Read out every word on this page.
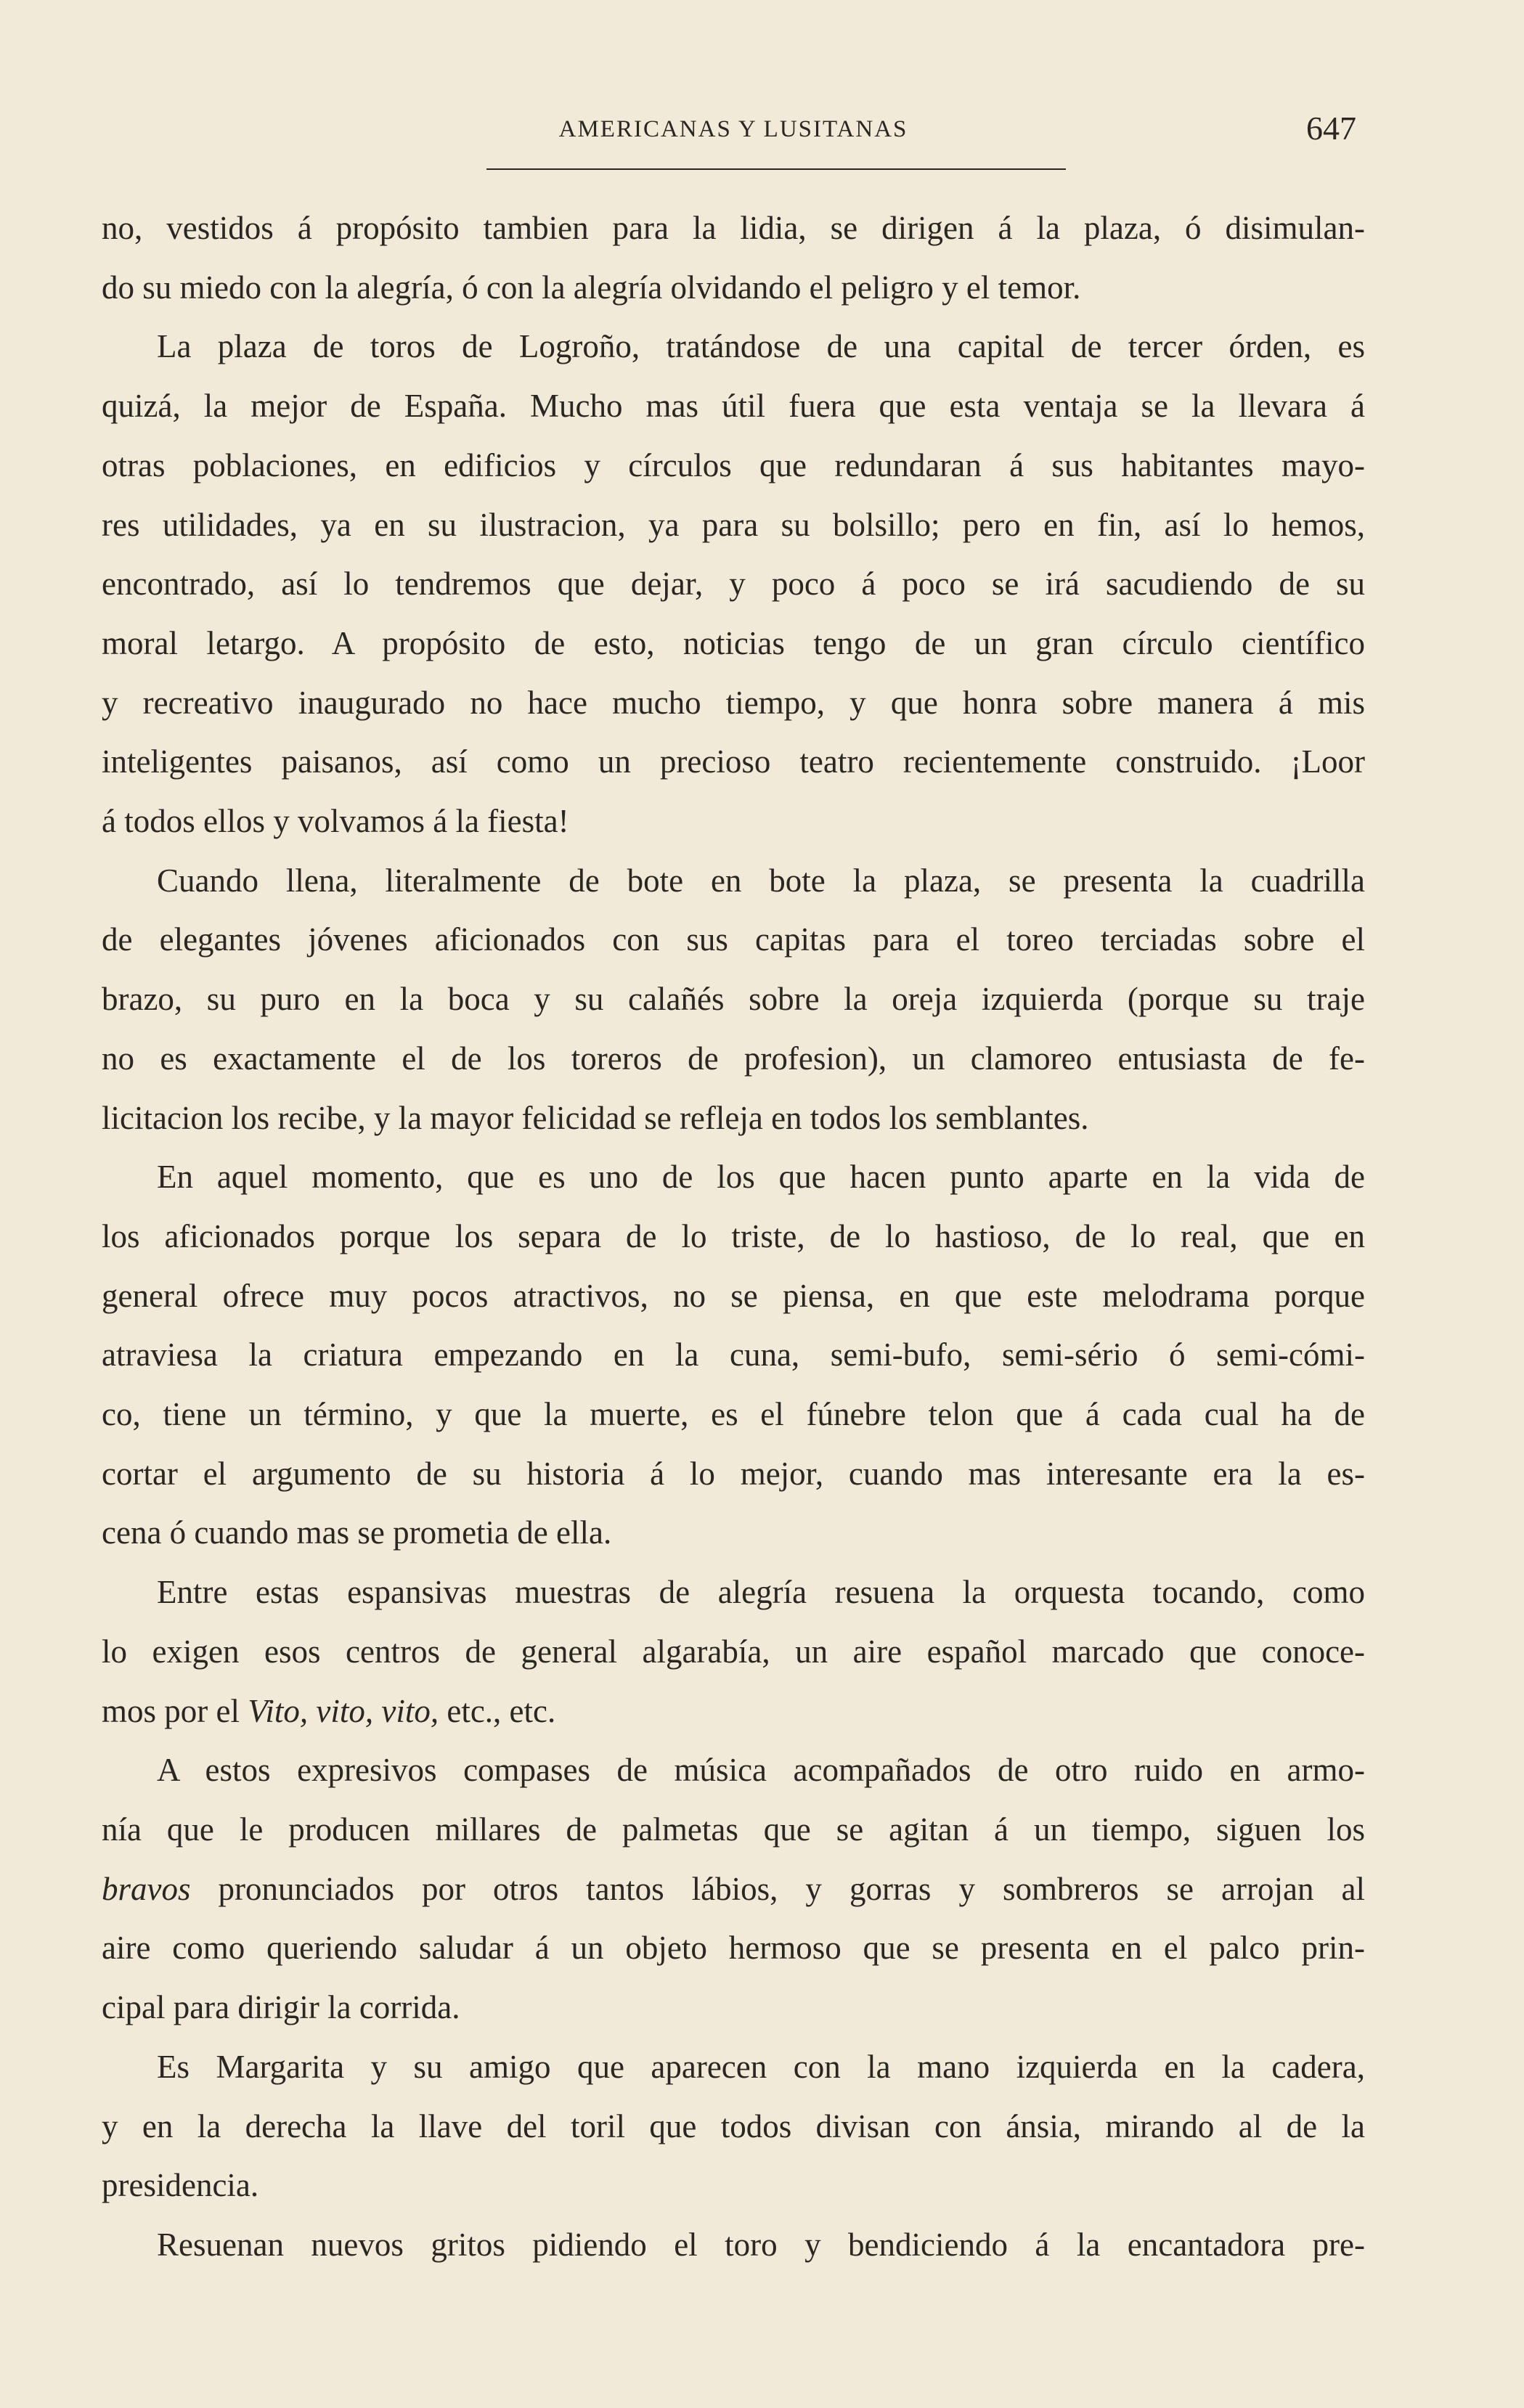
AMERICANAS Y LUSITANAS	647
no, vestidos á propósito tambien para la lidia, se dirigen á la plaza, ó disimulan-
do su miedo con la alegría, ó con la alegría olvidando el peligro y el temor.
La plaza de toros de Logroño, tratándose de una capital de tercer órden, es
quizá, la mejor de España. Mucho mas útil fuera que esta ventaja se la llevara á
otras poblaciones, en edificios y círculos que redundaran á sus habitantes mayo-
res utilidades, ya en su ilustracion, ya para su bolsillo; pero en fin, así lo hemos,
encontrado, así lo tendremos que dejar, y poco á poco se irá sacudiendo de su
moral letargo. A propósito de esto, noticias tengo de un gran círculo científico
y recreativo inaugurado no hace mucho tiempo, y que honra sobre manera á mis
inteligentes paisanos, así como un precioso teatro recientemente construido. ¡Loor
á todos ellos y volvamos á la fiesta!
Cuando llena, literalmente de bote en bote la plaza, se presenta la cuadrilla
de elegantes jóvenes aficionados con sus capitas para el toreo terciadas sobre el
brazo, su puro en la boca y su calañés sobre la oreja izquierda (porque su traje
no es exactamente el de los toreros de profesion), un clamoreo entusiasta de fe-
licitacion los recibe, y la mayor felicidad se refleja en todos los semblantes.
En aquel momento, que es uno de los que hacen punto aparte en la vida de
los aficionados porque los separa de lo triste, de lo hastioso, de lo real, que en
general ofrece muy pocos atractivos, no se piensa, en que este melodrama porque
atraviesa la criatura empezando en la cuna, semi-bufo, semi-sério ó semi-cómi-
co, tiene un término, y que la muerte, es el fúnebre telon que á cada cual ha de
cortar el argumento de su historia á lo mejor, cuando mas interesante era la es-
cena ó cuando mas se prometia de ella.
Entre estas espansivas muestras de alegría resuena la orquesta tocando, como
lo exigen esos centros de general algarabía, un aire español marcado que conoce-
mos por el Vito, vito, vito, etc., etc.
A estos expresivos compases de música acompañados de otro ruido en armo-
nía que le producen millares de palmetas que se agitan á un tiempo, siguen los
bravos pronunciados por otros tantos lábios, y gorras y sombreros se arrojan al
aire como queriendo saludar á un objeto hermoso que se presenta en el palco prin-
cipal para dirigir la corrida.
Es Margarita y su amigo que aparecen con la mano izquierda en la cadera,
y en la derecha la llave del toril que todos divisan con ánsia, mirando al de la
presidencia.
Resuenan nuevos gritos pidiendo el toro y bendiciendo á la encantadora pre-
